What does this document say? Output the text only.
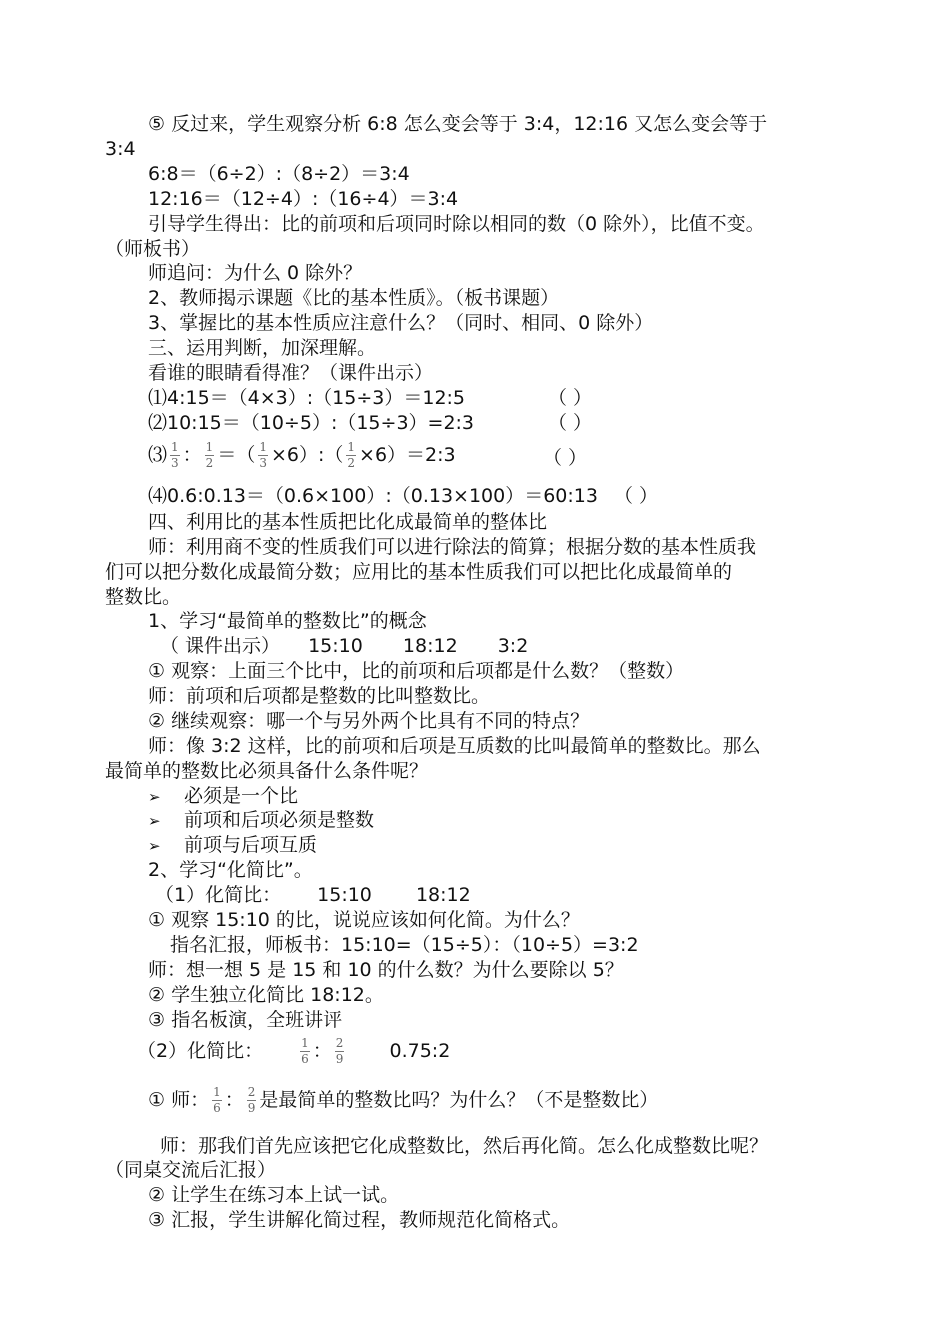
⑤ 反过来，学生观察分析 6:8 怎么变会等于 3:4，12:16 又怎么变会等于
3:4
6:8＝（6÷2）:（8÷2）＝3:4
12:16＝（12÷4）:（16÷4）＝3:4
引导学生得出：比的前项和后项同时除以相同的数（0 除外），比值不变。
（师板书）
师追问：为什么 0 除外？
2、教师揭示课题《比的基本性质》。（板书课题）
3、掌握比的基本性质应注意什么？（同时、相同、0 除外）
三、运用判断，加深理解。
看谁的眼睛看得准？（课件出示）
⑴4:15＝（4×3）:（15÷3）＝12:5	（ ）
⑵10:15＝（10÷5）:（15÷3）=2:3	（ ）
⑶ $\frac{1}{3}$ ： $\frac{1}{2}$ ＝（ $\frac{1}{3}$ ×6）:（ $\frac{1}{2}$ ×6）＝2:3	（ ）
⑷0.6:0.13＝（0.6×100）:（0.13×100）＝60:13 （ ）
四、利用比的基本性质把比化成最简单的整体比
师：利用商不变的性质我们可以进行除法的简算；根据分数的基本性质我
们可以把分数化成最简分数；应用比的基本性质我们可以把比化成最简单的
整数比。
1、学习“最简单的整数比”的概念
（ 课件出示） 15:10 18:12 3:2
① 观察：上面三个比中，比的前项和后项都是什么数？（整数）
师：前项和后项都是整数的比叫整数比。
② 继续观察：哪一个与另外两个比具有不同的特点？
师：像 3:2 这样，比的前项和后项是互质数的比叫最简单的整数比。那么
最简单的整数比必须具备什么条件呢？
➢ 必须是一个比
➢ 前项和后项必须是整数
➢ 前项与后项互质
2、学习“化简比”。
（1）化简比： 15:10 18:12
① 观察 15:10 的比，说说应该如何化简。为什么？
指名汇报，师板书：15:10=（15÷5）：（10÷5）=3:2
师：想一想 5 是 15 和 10 的什么数？为什么要除以 5？
② 学生独立化简比 18:12。
③ 指名板演，全班讲评
（2）化简比：	$\frac{1}{6}$ ： $\frac{2}{9}$ 0.75:2
① 师： $\frac{1}{6}$ ： $\frac{2}{9}$ 是最简单的整数比吗？为什么？（不是整数比）
师：那我们首先应该把它化成整数比，然后再化简。怎么化成整数比呢？
（同桌交流后汇报）
② 让学生在练习本上试一试。
③ 汇报，学生讲解化简过程，教师规范化简格式。
